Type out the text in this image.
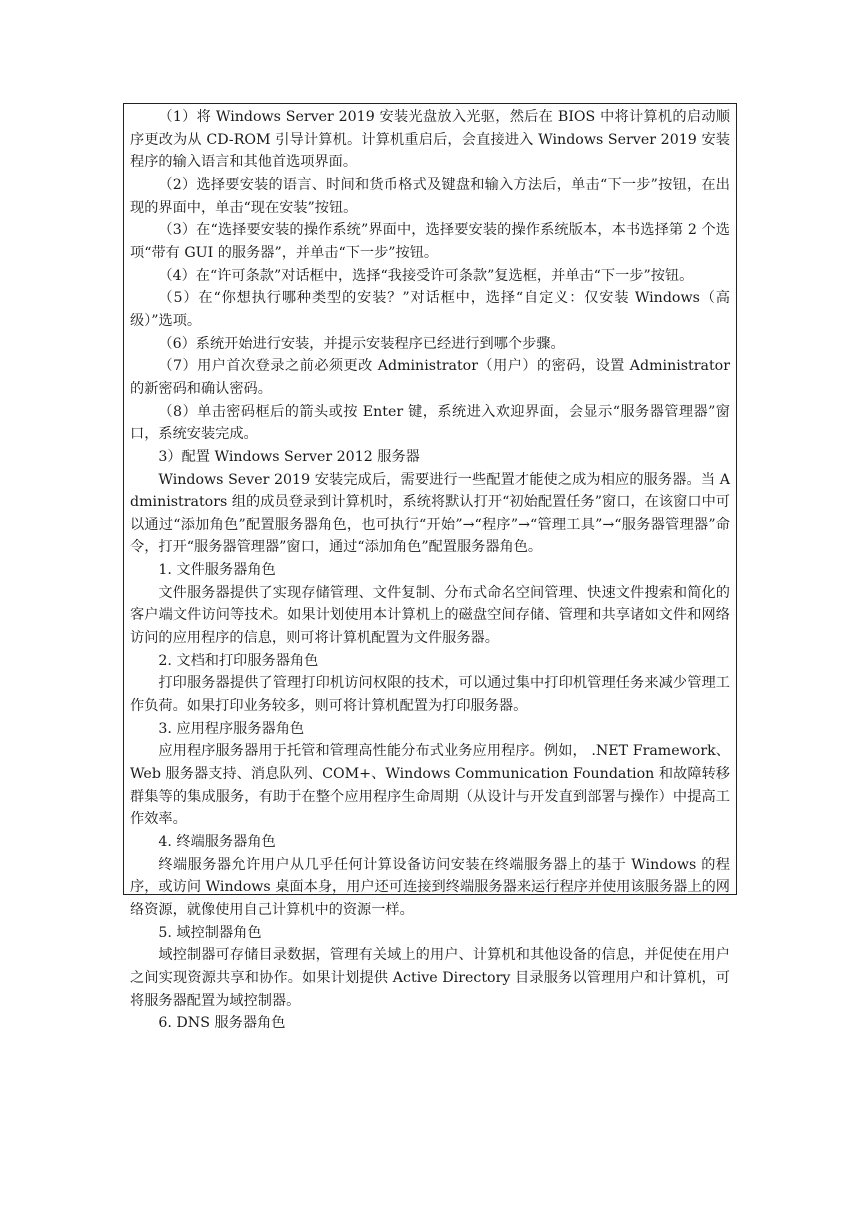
（1）将 Windows Server 2019 安装光盘放入光驱，然后在 BIOS 中将计算机的启动顺序更改为从 CD-ROM 引导计算机。计算机重启后，会直接进入 Windows Server 2019 安装程序的输入语言和其他首选项界面。

（2）选择要安装的语言、时间和货币格式及键盘和输入方法后，单击“下一步”按钮，在出现的界面中，单击“现在安装”按钮。

（3）在“选择要安装的操作系统”界面中，选择要安装的操作系统版本，本书选择第 2 个选项“带有 GUI 的服务器”，并单击“下一步”按钮。

（4）在“许可条款”对话框中，选择“我接受许可条款”复选框，并单击“下一步”按钮。

（5）在“你想执行哪种类型的安装？”对话框中，选择“自定义：仅安装 Windows（高级）”选项。

（6）系统开始进行安装，并提示安装程序已经进行到哪个步骤。

（7）用户首次登录之前必须更改 Administrator（用户）的密码，设置 Administrator 的新密码和确认密码。

（8）单击密码框后的箭头或按 Enter 键，系统进入欢迎界面，会显示“服务器管理器”窗口，系统安装完成。

3）配置 Windows Server 2012 服务器

Windows Sever 2019 安装完成后，需要进行一些配置才能使之成为相应的服务器。当 Administrators 组的成员登录到计算机时，系统将默认打开“初始配置任务”窗口，在该窗口中可以通过“添加角色”配置服务器角色，也可执行“开始”→“程序”→“管理工具”→“服务器管理器”命令，打开“服务器管理器”窗口，通过“添加角色”配置服务器角色。

1. 文件服务器角色

文件服务器提供了实现存储管理、文件复制、分布式命名空间管理、快速文件搜索和简化的客户端文件访问等技术。如果计划使用本计算机上的磁盘空间存储、管理和共享诸如文件和网络访问的应用程序的信息，则可将计算机配置为文件服务器。

2. 文档和打印服务器角色

打印服务器提供了管理打印机访问权限的技术，可以通过集中打印机管理任务来减少管理工作负荷。如果打印业务较多，则可将计算机配置为打印服务器。

3. 应用程序服务器角色

应用程序服务器用于托管和管理高性能分布式业务应用程序。例如， .NET Framework、Web 服务器支持、消息队列、COM+、Windows Communication Foundation 和故障转移群集等的集成服务，有助于在整个应用程序生命周期（从设计与开发直到部署与操作）中提高工作效率。

4. 终端服务器角色

终端服务器允许用户从几乎任何计算设备访问安装在终端服务器上的基于 Windows 的程序，或访问 Windows 桌面本身，用户还可连接到终端服务器来运行程序并使用该服务器上的网络资源，就像使用自己计算机中的资源一样。

5. 域控制器角色

域控制器可存储目录数据，管理有关域上的用户、计算机和其他设备的信息，并促使在用户之间实现资源共享和协作。如果计划提供 Active Directory 目录服务以管理用户和计算机，可将服务器配置为域控制器。

6. DNS 服务器角色
